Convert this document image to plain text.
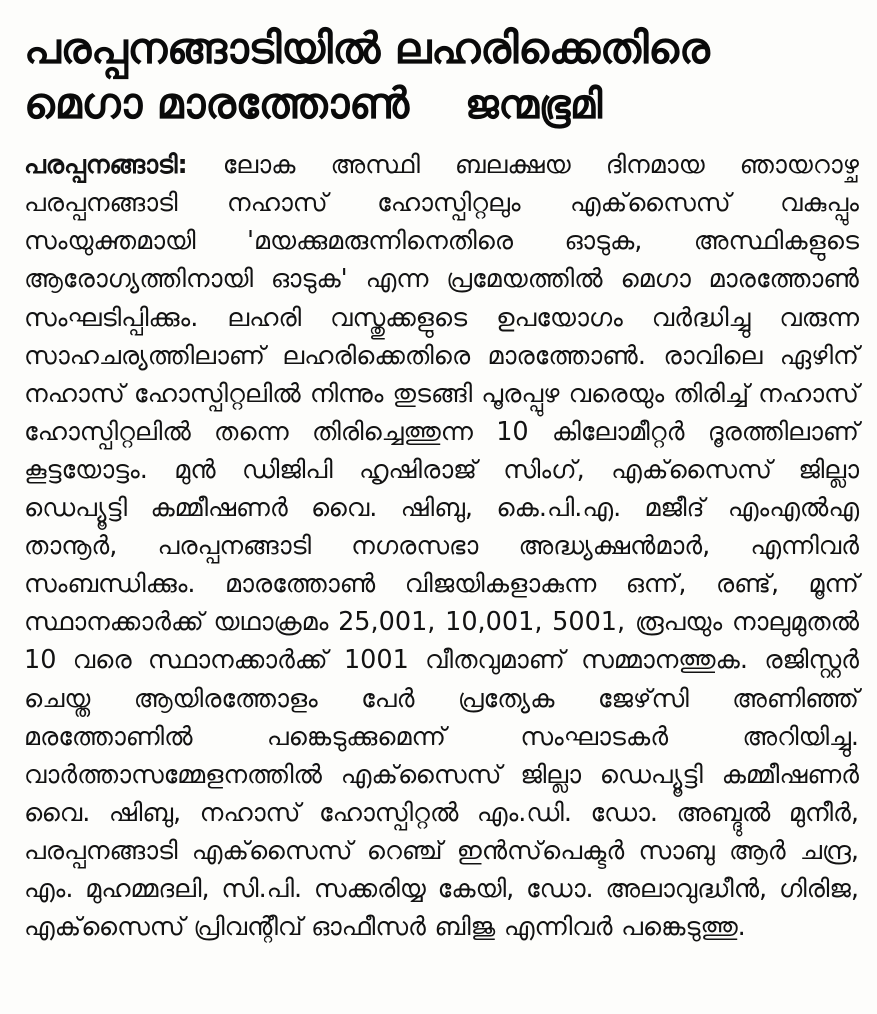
പരപ്പനങ്ങാടിയില്‍ ലഹരിക്കെതിരെ
മെഗാ മാരത്തോണ്‍ ജന്മഭൂമി

പരപ്പനങ്ങാടി: ലോക അസ്ഥി ബലക്ഷയ ദിനമായ ഞായറാഴ്ച പരപ്പനങ്ങാടി നഹാസ് ഹോസ്പിറ്റലും എക്‌സൈസ് വകുപ്പും സംയുക്തമായി 'മയക്കുമരുന്നിനെതിരെ ഓടുക, അസ്ഥികളുടെ ആരോഗ്യത്തിനായി ഓടുക' എന്ന പ്രമേയത്തില്‍ മെഗാ മാരത്തോണ്‍ സംഘടിപ്പിക്കും. ലഹരി വസ്തുക്കളുടെ ഉപയോഗം വര്‍ദ്ധിച്ചു വരുന്ന സാഹചര്യത്തിലാണ് ലഹരിക്കെതിരെ മാരത്തോണ്‍. രാവിലെ ഏഴിന് നഹാസ് ഹോസ്പിറ്റലില്‍ നിന്നും തുടങ്ങി പൂരപ്പുഴ വരെയും തിരിച്ച് നഹാസ് ഹോസ്പിറ്റലില്‍ തന്നെ തിരിച്ചെത്തുന്ന 10 കിലോമീറ്റര്‍ ദൂരത്തിലാണ് കൂട്ടയോട്ടം. മുന്‍ ഡിജിപി ഹൃഷിരാജ് സിംഗ്, എക്‌സൈസ് ജില്ലാ ഡെപ്യൂട്ടി കമ്മീഷണര്‍ വൈ. ഷിബു, കെ.പി.എ. മജീദ് എംഎല്‍എ താനൂര്‍, പരപ്പനങ്ങാടി നഗരസഭാ അദ്ധ്യക്ഷന്‍മാര്‍, എന്നിവര്‍ സംബന്ധിക്കും. മാരത്തോണ്‍ വിജയികളാകുന്ന ഒന്ന്, രണ്ട്, മൂന്ന് സ്ഥാനക്കാര്‍ക്ക് യഥാക്രമം 25,001, 10,001, 5001, രൂപയും നാലുമുതല്‍ 10 വരെ സ്ഥാനക്കാര്‍ക്ക് 1001 വീതവുമാണ് സമ്മാനത്തുക. രജിസ്റ്റര്‍ ചെയ്ത ആയിരത്തോളം പേര്‍ പ്രത്യേക ജേഴ്‌സി അണിഞ്ഞ് മരത്തോണില്‍ പങ്കെടുക്കുമെന്ന് സംഘാടകര്‍ അറിയിച്ചു. വാര്‍ത്താസമ്മേളനത്തില്‍ എക്‌സൈസ് ജില്ലാ ഡെപ്യൂട്ടി കമ്മീഷണര്‍ വൈ. ഷിബു, നഹാസ് ഹോസ്പിറ്റല്‍ എം.ഡി. ഡോ. അബ്ദുല്‍ മുനീര്‍, പരപ്പനങ്ങാടി എക്‌സൈസ് റെഞ്ച് ഇന്‍സ്‌പെക്ടര്‍ സാബു ആര്‍ ചന്ദ്ര, എം. മുഹമ്മദലി, സി.പി. സക്കരിയ്യ കേയി, ഡോ. അലാവുദ്ധീന്‍, ഗിരിജ, എക്‌സൈസ് പ്രിവന്റീവ് ഓഫീസര്‍ ബിജു എന്നിവര്‍ പങ്കെടുത്തു.
